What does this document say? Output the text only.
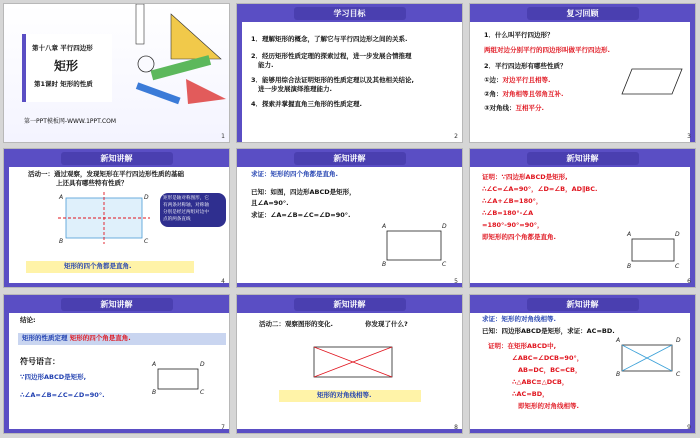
第十八章 平行四边形
矩形
第1课时 矩形的性质
第一PPT模板网-WWW.1PPT.COM
1
学习目标
1．理解矩形的概念，了解它与平行四边形之间的关系.
2．经历矩形性质定理的探索过程，进一步发展合情推理
能力.
3．能够用综合法证明矩形的性质定理以及其他相关结论,
进一步发展演绎推理能力.
4．探索并掌握直角三角形的性质定理.
2
复习回顾
1．什么叫平行四边形？
两组对边分别平行的四边形叫做平行四边形.
2．平行四边形有哪些性质？
①边：对边平行且相等.
②角：对角相等且邻角互补.
③对角线：互相平分.
3
新知讲解
活动一：通过观察，发现矩形在平行四边形性质的基础
上还具有哪些特有性质？
A	D
B	C
矩形是轴对称图形，它
有两条对称轴，对称轴
分别是经过两组对边中
点的两条直线
矩形的四个角都是直角.
4
新知讲解
求证：矩形的四个角都是直角.
已知：如图，四边形ABCD是矩形，
且∠A=90°.
求证：∠A=∠B=∠C=∠D=90°.
A	D
B	C
5
新知讲解
证明：∵四边形ABCD是矩形,
∴∠C=∠A=90°，∠D=∠B，AD∥BC.
∴∠A+∠B=180°，
∴∠B=180°-∠A
=180°-90°=90°，
即矩形的四个角都是直角.	A	D
B	C
6
新知讲解
结论:
矩形的性质定理 矩形的四个角是直角.
符号语言：
∵四边形ABCD是矩形,
∴∠A=∠B=∠C=∠D=90°.
A	D
B	C
7
新知讲解
活动二：观察图形的变化.	你发现了什么?
矩形的对角线相等.
8
新知讲解
求证：矩形的对角线相等.
已知：四边形ABCD是矩形，求证：AC=BD.
证明：在矩形ABCD中,
∠ABC=∠DCB=90°，
AB=DC，BC=CB，
∴△ABC≌△DCB，
∴AC=BD，
即矩形的对角线相等.
A	D
B	C
9
